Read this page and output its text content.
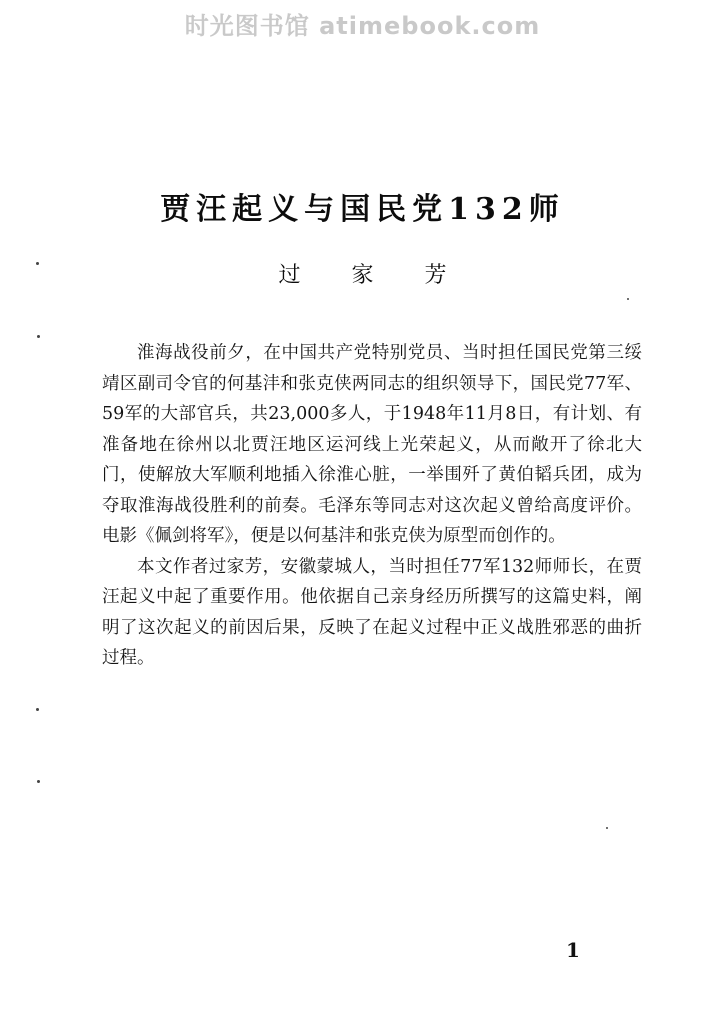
时光图书馆 atimebook.com
贾汪起义与国民党132师
过 家 芳

淮海战役前夕，在中国共产党特别党员、当时担任国民党第三绥靖区副司令官的何基沣和张克侠两同志的组织领导下，国民党77军、59军的大部官兵，共23,000多人，于1948年11月8日，有计划、有准备地在徐州以北贾汪地区运河线上光荣起义，从而敞开了徐北大门，使解放大军顺利地插入徐淮心脏，一举围歼了黄伯韬兵团，成为夺取淮海战役胜利的前奏。毛泽东等同志对这次起义曾给高度评价。电影《佩剑将军》，便是以何基沣和张克侠为原型而创作的。

本文作者过家芳，安徽蒙城人，当时担任77军132师师长，在贾汪起义中起了重要作用。他依据自己亲身经历所撰写的这篇史料，阐明了这次起义的前因后果，反映了在起义过程中正义战胜邪恶的曲折过程。

1
